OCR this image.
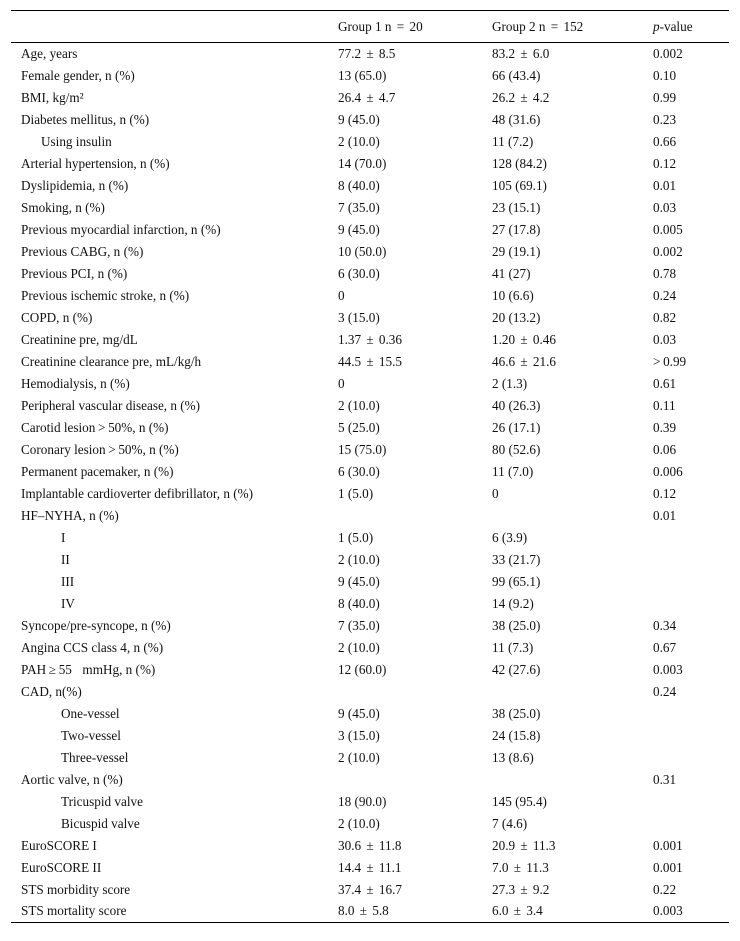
	Group 1 n  =  20	Group 2 n  =  152	p-value
Age, years	77.2  ±  8.5	83.2  ±  6.0	0.002
Female gender, n (%)	13 (65.0)	66 (43.4)	0.10
BMI, kg/m²	26.4  ±  4.7	26.2  ±  4.2	0.99
Diabetes mellitus, n (%)	9 (45.0)	48 (31.6)	0.23
Using insulin	2 (10.0)	11 (7.2)	0.66
Arterial hypertension, n (%)	14 (70.0)	128 (84.2)	0.12
Dyslipidemia, n (%)	8 (40.0)	105 (69.1)	0.01
Smoking, n (%)	7 (35.0)	23 (15.1)	0.03
Previous myocardial infarction, n (%)	9 (45.0)	27 (17.8)	0.005
Previous CABG, n (%)	10 (50.0)	29 (19.1)	0.002
Previous PCI, n (%)	6 (30.0)	41 (27)	0.78
Previous ischemic stroke, n (%)	0	10 (6.6)	0.24
COPD, n (%)	3 (15.0)	20 (13.2)	0.82
Creatinine pre, mg/dL	1.37  ±  0.36	1.20  ±  0.46	0.03
Creatinine clearance pre, mL/kg/h	44.5  ±  15.5	46.6  ±  21.6	> 0.99
Hemodialysis, n (%)	0	2 (1.3)	0.61
Peripheral vascular disease, n (%)	2 (10.0)	40 (26.3)	0.11
Carotid lesion > 50%, n (%)	5 (25.0)	26 (17.1)	0.39
Coronary lesion > 50%, n (%)	15 (75.0)	80 (52.6)	0.06
Permanent pacemaker, n (%)	6 (30.0)	11 (7.0)	0.006
Implantable cardioverter defibrillator, n (%)	1 (5.0)	0	0.12
HF–NYHA, n (%)			0.01
I	1 (5.0)	6 (3.9)	
II	2 (10.0)	33 (21.7)	
III	9 (45.0)	99 (65.1)	
IV	8 (40.0)	14 (9.2)	
Syncope/pre-syncope, n (%)	7 (35.0)	38 (25.0)	0.34
Angina CCS class 4, n (%)	2 (10.0)	11 (7.3)	0.67
PAH ≥ 55    mmHg, n (%)	12 (60.0)	42 (27.6)	0.003
CAD, n(%)			0.24
One-vessel	9 (45.0)	38 (25.0)	
Two-vessel	3 (15.0)	24 (15.8)	
Three-vessel	2 (10.0)	13 (8.6)	
Aortic valve, n (%)			0.31
Tricuspid valve	18 (90.0)	145 (95.4)	
Bicuspid valve	2 (10.0)	7 (4.6)	
EuroSCORE I	30.6  ±  11.8	20.9  ±  11.3	0.001
EuroSCORE II	14.4  ±  11.1	7.0  ±  11.3	0.001
STS morbidity score	37.4  ±  16.7	27.3  ±  9.2	0.22
STS mortality score	8.0  ±  5.8	6.0  ±  3.4	0.003
